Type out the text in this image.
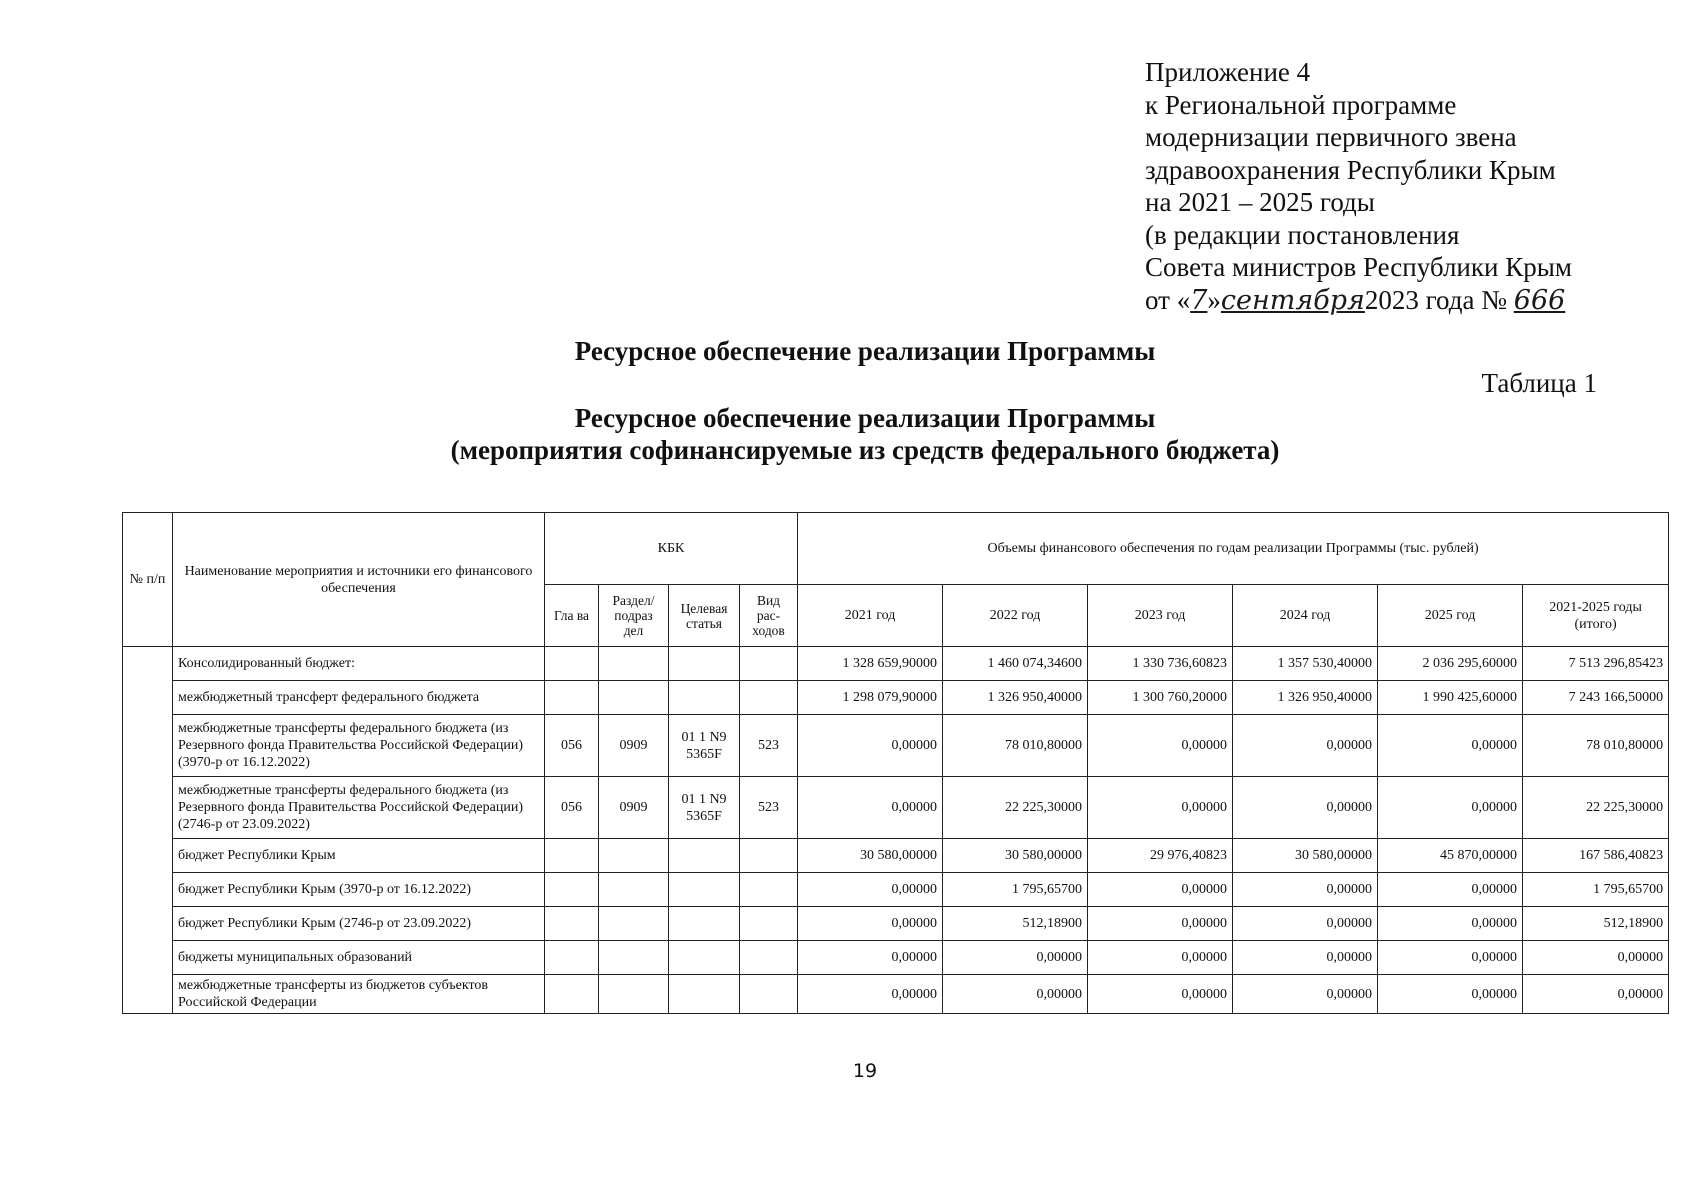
Приложение 4
к Региональной программе
модернизации первичного звена
здравоохранения Республики Крым
на 2021 – 2025 годы
(в редакции постановления
Совета министров Республики Крым
от «7»сентября2023 года № 666
Ресурсное обеспечение реализации Программы
Таблица 1
Ресурсное обеспечение реализации Программы
(мероприятия софинансируемые из средств федерального бюджета)
№ п/п	Наименование мероприятия и источники его финансового обеспечения	КБК				Объемы финансового обеспечения по годам реализации Программы (тыс. рублей)					
		Гла ва	Раздел/ подраз дел	Целевая статья	Вид рас- ходов	2021 год	2022 год	2023 год	2024 год	2025 год	2021-2025 годы (итого)
	Консолидированный бюджет:					1 328 659,90000	1 460 074,34600	1 330 736,60823	1 357 530,40000	2 036 295,60000	7 513 296,85423
	межбюджетный трансферт федерального бюджета					1 298 079,90000	1 326 950,40000	1 300 760,20000	1 326 950,40000	1 990 425,60000	7 243 166,50000
	межбюджетные трансферты федерального бюджета (из Резервного фонда Правительства Российской Федерации) (3970-р от 16.12.2022)	056	0909	01 1 N9 5365F	523	0,00000	78 010,80000	0,00000	0,00000	0,00000	78 010,80000
	межбюджетные трансферты федерального бюджета (из Резервного фонда Правительства Российской Федерации) (2746-р от 23.09.2022)	056	0909	01 1 N9 5365F	523	0,00000	22 225,30000	0,00000	0,00000	0,00000	22 225,30000
	бюджет Республики Крым					30 580,00000	30 580,00000	29 976,40823	30 580,00000	45 870,00000	167 586,40823
	бюджет Республики Крым (3970-р от 16.12.2022)					0,00000	1 795,65700	0,00000	0,00000	0,00000	1 795,65700
	бюджет Республики Крым (2746-р от 23.09.2022)					0,00000	512,18900	0,00000	0,00000	0,00000	512,18900
	бюджеты муниципальных образований					0,00000	0,00000	0,00000	0,00000	0,00000	0,00000
	межбюджетные трансферты из бюджетов субъектов Российской Федерации					0,00000	0,00000	0,00000	0,00000	0,00000	0,00000
19
